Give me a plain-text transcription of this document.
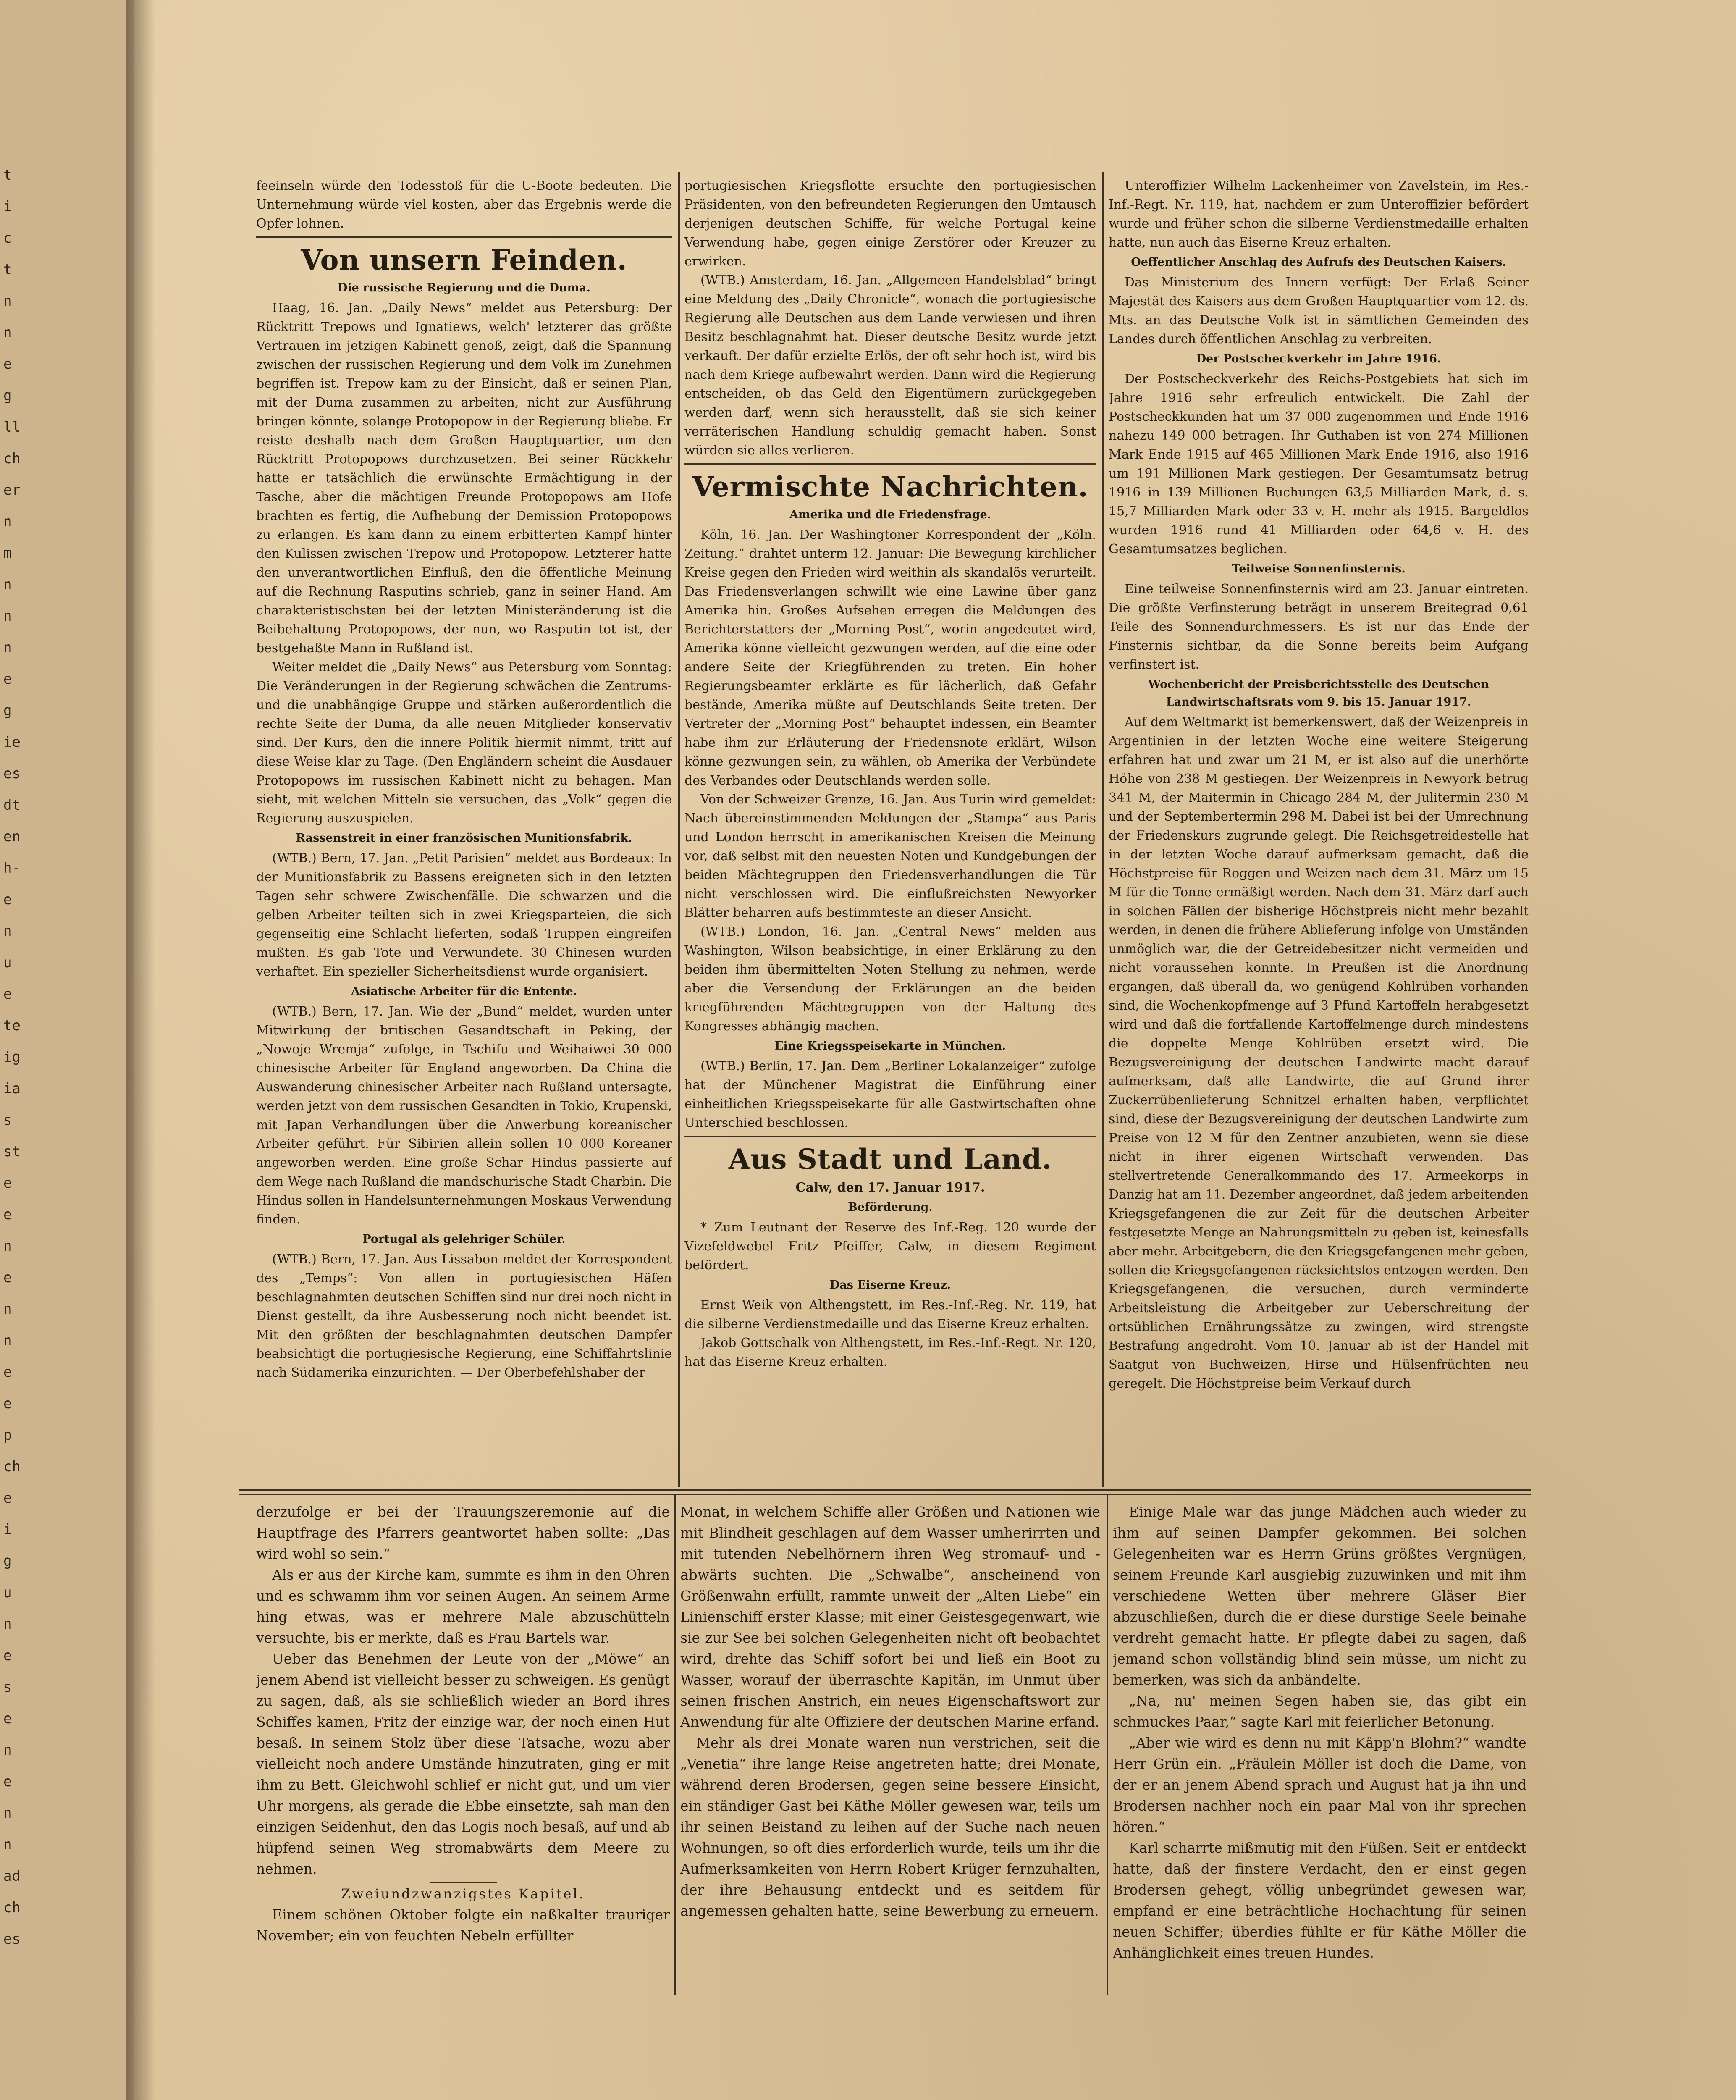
t
i
c
t
n
n
e
g
ll
ch
er
n
m
n
n
n
e
g
ie
es
dt
en
h-
e
n
u
e
te
ig
ia
s
st
e
e
n
e
n
n
e
e
p
ch
e
i
g
u
n
e
s
e
n
e
n
n
ad
ch
es

feeinseln würde den Todesstoß für die U-Boote bedeuten. Die Unternehmung würde viel kosten, aber das Ergebnis werde die Opfer lohnen.

Von unsern Feinden.
Die russische Regierung und die Duma.

Haag, 16. Jan. „Daily News“ meldet aus Petersburg: Der Rücktritt Trepows und Ignatiews, welch' letzterer das größte Vertrauen im jetzigen Kabinett genoß, zeigt, daß die Spannung zwischen der russischen Regierung und dem Volk im Zunehmen begriffen ist. Trepow kam zu der Einsicht, daß er seinen Plan, mit der Duma zusammen zu arbeiten, nicht zur Ausführung bringen könnte, solange Protopopow in der Regierung bliebe. Er reiste deshalb nach dem Großen Hauptquartier, um den Rücktritt Protopopows durchzusetzen. Bei seiner Rückkehr hatte er tatsächlich die erwünschte Ermächtigung in der Tasche, aber die mächtigen Freunde Protopopows am Hofe brachten es fertig, die Aufhebung der Demission Protopopows zu erlangen. Es kam dann zu einem erbitterten Kampf hinter den Kulissen zwischen Trepow und Protopopow. Letzterer hatte den unverantwortlichen Einfluß, den die öffentliche Meinung auf die Rechnung Rasputins schrieb, ganz in seiner Hand. Am charakteristischsten bei der letzten Ministeränderung ist die Beibehaltung Protopopows, der nun, wo Rasputin tot ist, der bestgehaßte Mann in Rußland ist.

Weiter meldet die „Daily News“ aus Petersburg vom Sonntag: Die Veränderungen in der Regierung schwächen die Zentrums- und die unabhängige Gruppe und stärken außerordentlich die rechte Seite der Duma, da alle neuen Mitglieder konservativ sind. Der Kurs, den die innere Politik hiermit nimmt, tritt auf diese Weise klar zu Tage. (Den Engländern scheint die Ausdauer Protopopows im russischen Kabinett nicht zu behagen. Man sieht, mit welchen Mitteln sie versuchen, das „Volk“ gegen die Regierung auszuspielen.

Rassenstreit in einer französischen Munitionsfabrik.

(WTB.) Bern, 17. Jan. „Petit Parisien“ meldet aus Bordeaux: In der Munitionsfabrik zu Bassens ereigneten sich in den letzten Tagen sehr schwere Zwischenfälle. Die schwarzen und die gelben Arbeiter teilten sich in zwei Kriegsparteien, die sich gegenseitig eine Schlacht lieferten, sodaß Truppen eingreifen mußten. Es gab Tote und Verwundete. 30 Chinesen wurden verhaftet. Ein spezieller Sicherheitsdienst wurde organisiert.

Asiatische Arbeiter für die Entente.

(WTB.) Bern, 17. Jan. Wie der „Bund“ meldet, wurden unter Mitwirkung der britischen Gesandtschaft in Peking, der „Nowoje Wremja“ zufolge, in Tschifu und Weihaiwei 30 000 chinesische Arbeiter für England angeworben. Da China die Auswanderung chinesischer Arbeiter nach Rußland untersagte, werden jetzt von dem russischen Gesandten in Tokio, Krupenski, mit Japan Verhandlungen über die Anwerbung koreanischer Arbeiter geführt. Für Sibirien allein sollen 10 000 Koreaner angeworben werden. Eine große Schar Hindus passierte auf dem Wege nach Rußland die mandschurische Stadt Charbin. Die Hindus sollen in Handelsunternehmungen Moskaus Verwendung finden.

Portugal als gelehriger Schüler.

(WTB.) Bern, 17. Jan. Aus Lissabon meldet der Korrespondent des „Temps“: Von allen in portugiesischen Häfen beschlagnahmten deutschen Schiffen sind nur drei noch nicht in Dienst gestellt, da ihre Ausbesserung noch nicht beendet ist. Mit den größten der beschlagnahmten deutschen Dampfer beabsichtigt die portugiesische Regierung, eine Schiffahrtslinie nach Südamerika einzurichten. — Der Oberbefehlshaber der

portugiesischen Kriegsflotte ersuchte den portugiesischen Präsidenten, von den befreundeten Regierungen den Umtausch derjenigen deutschen Schiffe, für welche Portugal keine Verwendung habe, gegen einige Zerstörer oder Kreuzer zu erwirken.

(WTB.) Amsterdam, 16. Jan. „Allgemeen Handelsblad“ bringt eine Meldung des „Daily Chronicle“, wonach die portugiesische Regierung alle Deutschen aus dem Lande verwiesen und ihren Besitz beschlagnahmt hat. Dieser deutsche Besitz wurde jetzt verkauft. Der dafür erzielte Erlös, der oft sehr hoch ist, wird bis nach dem Kriege aufbewahrt werden. Dann wird die Regierung entscheiden, ob das Geld den Eigentümern zurückgegeben werden darf, wenn sich herausstellt, daß sie sich keiner verräterischen Handlung schuldig gemacht haben. Sonst würden sie alles verlieren.

Vermischte Nachrichten.
Amerika und die Friedensfrage.

Köln, 16. Jan. Der Washingtoner Korrespondent der „Köln. Zeitung.“ drahtet unterm 12. Januar: Die Bewegung kirchlicher Kreise gegen den Frieden wird weithin als skandalös verurteilt. Das Friedensverlangen schwillt wie eine Lawine über ganz Amerika hin. Großes Aufsehen erregen die Meldungen des Berichterstatters der „Morning Post“, worin angedeutet wird, Amerika könne vielleicht gezwungen werden, auf die eine oder andere Seite der Kriegführenden zu treten. Ein hoher Regierungsbeamter erklärte es für lächerlich, daß Gefahr bestände, Amerika müßte auf Deutschlands Seite treten. Der Vertreter der „Morning Post“ behauptet indessen, ein Beamter habe ihm zur Erläuterung der Friedensnote erklärt, Wilson könne gezwungen sein, zu wählen, ob Amerika der Verbündete des Verbandes oder Deutschlands werden solle.

Von der Schweizer Grenze, 16. Jan. Aus Turin wird gemeldet: Nach übereinstimmenden Meldungen der „Stampa“ aus Paris und London herrscht in amerikanischen Kreisen die Meinung vor, daß selbst mit den neuesten Noten und Kundgebungen der beiden Mächtegruppen den Friedensverhandlungen die Tür nicht verschlossen wird. Die einflußreichsten Newyorker Blätter beharren aufs bestimmteste an dieser Ansicht.

(WTB.) London, 16. Jan. „Central News“ melden aus Washington, Wilson beabsichtige, in einer Erklärung zu den beiden ihm übermittelten Noten Stellung zu nehmen, werde aber die Versendung der Erklärungen an die beiden kriegführenden Mächtegruppen von der Haltung des Kongresses abhängig machen.

Eine Kriegsspeisekarte in München.

(WTB.) Berlin, 17. Jan. Dem „Berliner Lokalanzeiger“ zufolge hat der Münchener Magistrat die Einführung einer einheitlichen Kriegsspeisekarte für alle Gastwirtschaften ohne Unterschied beschlossen.

Aus Stadt und Land.
Calw, den 17. Januar 1917.
Beförderung.

* Zum Leutnant der Reserve des Inf.-Reg. 120 wurde der Vizefeldwebel Fritz Pfeiffer, Calw, in diesem Regiment befördert.

Das Eiserne Kreuz.

Ernst Weik von Althengstett, im Res.-Inf.-Reg. Nr. 119, hat die silberne Verdienstmedaille und das Eiserne Kreuz erhalten.

Jakob Gottschalk von Althengstett, im Res.-Inf.-Regt. Nr. 120, hat das Eiserne Kreuz erhalten.

Unteroffizier Wilhelm Lackenheimer von Zavelstein, im Res.-Inf.-Regt. Nr. 119, hat, nachdem er zum Unteroffizier befördert wurde und früher schon die silberne Verdienstmedaille erhalten hatte, nun auch das Eiserne Kreuz erhalten.

Oeffentlicher Anschlag des Aufrufs des Deutschen Kaisers.

Das Ministerium des Innern verfügt: Der Erlaß Seiner Majestät des Kaisers aus dem Großen Hauptquartier vom 12. ds. Mts. an das Deutsche Volk ist in sämtlichen Gemeinden des Landes durch öffentlichen Anschlag zu verbreiten.

Der Postscheckverkehr im Jahre 1916.

Der Postscheckverkehr des Reichs-Postgebiets hat sich im Jahre 1916 sehr erfreulich entwickelt. Die Zahl der Postscheckkunden hat um 37 000 zugenommen und Ende 1916 nahezu 149 000 betragen. Ihr Guthaben ist von 274 Millionen Mark Ende 1915 auf 465 Millionen Mark Ende 1916, also 1916 um 191 Millionen Mark gestiegen. Der Gesamtumsatz betrug 1916 in 139 Millionen Buchungen 63,5 Milliarden Mark, d. s. 15,7 Milliarden Mark oder 33 v. H. mehr als 1915. Bargeldlos wurden 1916 rund 41 Milliarden oder 64,6 v. H. des Gesamtumsatzes beglichen.

Teilweise Sonnenfinsternis.

Eine teilweise Sonnenfinsternis wird am 23. Januar eintreten. Die größte Verfinsterung beträgt in unserem Breitegrad 0,61 Teile des Sonnendurchmessers. Es ist nur das Ende der Finsternis sichtbar, da die Sonne bereits beim Aufgang verfinstert ist.

Wochenbericht der Preisberichtsstelle des Deutschen Landwirtschaftsrats vom 9. bis 15. Januar 1917.

Auf dem Weltmarkt ist bemerkenswert, daß der Weizenpreis in Argentinien in der letzten Woche eine weitere Steigerung erfahren hat und zwar um 21 M, er ist also auf die unerhörte Höhe von 238 M gestiegen. Der Weizenpreis in Newyork betrug 341 M, der Maitermin in Chicago 284 M, der Julitermin 230 M und der Septembertermin 298 M. Dabei ist bei der Umrechnung der Friedenskurs zugrunde gelegt. Die Reichsgetreidestelle hat in der letzten Woche darauf aufmerksam gemacht, daß die Höchstpreise für Roggen und Weizen nach dem 31. März um 15 M für die Tonne ermäßigt werden. Nach dem 31. März darf auch in solchen Fällen der bisherige Höchstpreis nicht mehr bezahlt werden, in denen die frühere Ablieferung infolge von Umständen unmöglich war, die der Getreidebesitzer nicht vermeiden und nicht voraussehen konnte. In Preußen ist die Anordnung ergangen, daß überall da, wo genügend Kohlrüben vorhanden sind, die Wochenkopfmenge auf 3 Pfund Kartoffeln herabgesetzt wird und daß die fortfallende Kartoffelmenge durch mindestens die doppelte Menge Kohlrüben ersetzt wird. Die Bezugsvereinigung der deutschen Landwirte macht darauf aufmerksam, daß alle Landwirte, die auf Grund ihrer Zuckerrübenlieferung Schnitzel erhalten haben, verpflichtet sind, diese der Bezugsvereinigung der deutschen Landwirte zum Preise von 12 M für den Zentner anzubieten, wenn sie diese nicht in ihrer eigenen Wirtschaft verwenden. Das stellvertretende Generalkommando des 17. Armeekorps in Danzig hat am 11. Dezember angeordnet, daß jedem arbeitenden Kriegsgefangenen die zur Zeit für die deutschen Arbeiter festgesetzte Menge an Nahrungsmitteln zu geben ist, keinesfalls aber mehr. Arbeitgebern, die den Kriegsgefangenen mehr geben, sollen die Kriegsgefangenen rücksichtslos entzogen werden. Den Kriegsgefangenen, die versuchen, durch verminderte Arbeitsleistung die Arbeitgeber zur Ueberschreitung der ortsüblichen Ernährungssätze zu zwingen, wird strengste Bestrafung angedroht. Vom 10. Januar ab ist der Handel mit Saatgut von Buchweizen, Hirse und Hülsenfrüchten neu geregelt. Die Höchstpreise beim Verkauf durch

derzufolge er bei der Trauungszeremonie auf die Hauptfrage des Pfarrers geantwortet haben sollte: „Das wird wohl so sein.“

Als er aus der Kirche kam, summte es ihm in den Ohren und es schwamm ihm vor seinen Augen. An seinem Arme hing etwas, was er mehrere Male abzuschütteln versuchte, bis er merkte, daß es Frau Bartels war.

Ueber das Benehmen der Leute von der „Möwe“ an jenem Abend ist vielleicht besser zu schweigen. Es genügt zu sagen, daß, als sie schließlich wieder an Bord ihres Schiffes kamen, Fritz der einzige war, der noch einen Hut besaß. In seinem Stolz über diese Tatsache, wozu aber vielleicht noch andere Umstände hinzutraten, ging er mit ihm zu Bett. Gleichwohl schlief er nicht gut, und um vier Uhr morgens, als gerade die Ebbe einsetzte, sah man den einzigen Seidenhut, den das Logis noch besaß, auf und ab hüpfend seinen Weg stromabwärts dem Meere zu nehmen.

Zweiundzwanzigstes Kapitel.

Einem schönen Oktober folgte ein naßkalter trauriger November; ein von feuchten Nebeln erfüllter

Monat, in welchem Schiffe aller Größen und Nationen wie mit Blindheit geschlagen auf dem Wasser umherirrten und mit tutenden Nebelhörnern ihren Weg stromauf- und -abwärts suchten. Die „Schwalbe“, anscheinend von Größenwahn erfüllt, rammte unweit der „Alten Liebe“ ein Linienschiff erster Klasse; mit einer Geistesgegenwart, wie sie zur See bei solchen Gelegenheiten nicht oft beobachtet wird, drehte das Schiff sofort bei und ließ ein Boot zu Wasser, worauf der überraschte Kapitän, im Unmut über seinen frischen Anstrich, ein neues Eigenschaftswort zur Anwendung für alte Offiziere der deutschen Marine erfand.

Mehr als drei Monate waren nun verstrichen, seit die „Venetia“ ihre lange Reise angetreten hatte; drei Monate, während deren Brodersen, gegen seine bessere Einsicht, ein ständiger Gast bei Käthe Möller gewesen war, teils um ihr seinen Beistand zu leihen auf der Suche nach neuen Wohnungen, so oft dies erforderlich wurde, teils um ihr die Aufmerksamkeiten von Herrn Robert Krüger fernzuhalten, der ihre Behausung entdeckt und es seitdem für angemessen gehalten hatte, seine Bewerbung zu erneuern.

Einige Male war das junge Mädchen auch wieder zu ihm auf seinen Dampfer gekommen. Bei solchen Gelegenheiten war es Herrn Grüns größtes Vergnügen, seinem Freunde Karl ausgiebig zuzuwinken und mit ihm verschiedene Wetten über mehrere Gläser Bier abzuschließen, durch die er diese durstige Seele beinahe verdreht gemacht hatte. Er pflegte dabei zu sagen, daß jemand schon vollständig blind sein müsse, um nicht zu bemerken, was sich da anbändelte.

„Na, nu' meinen Segen haben sie, das gibt ein schmuckes Paar,“ sagte Karl mit feierlicher Betonung.

„Aber wie wird es denn nu mit Käpp'n Blohm?“ wandte Herr Grün ein. „Fräulein Möller ist doch die Dame, von der er an jenem Abend sprach und August hat ja ihn und Brodersen nachher noch ein paar Mal von ihr sprechen hören.“

Karl scharrte mißmutig mit den Füßen. Seit er entdeckt hatte, daß der finstere Verdacht, den er einst gegen Brodersen gehegt, völlig unbegründet gewesen war, empfand er eine beträchtliche Hochachtung für seinen neuen Schiffer; überdies fühlte er für Käthe Möller die Anhänglichkeit eines treuen Hundes.
